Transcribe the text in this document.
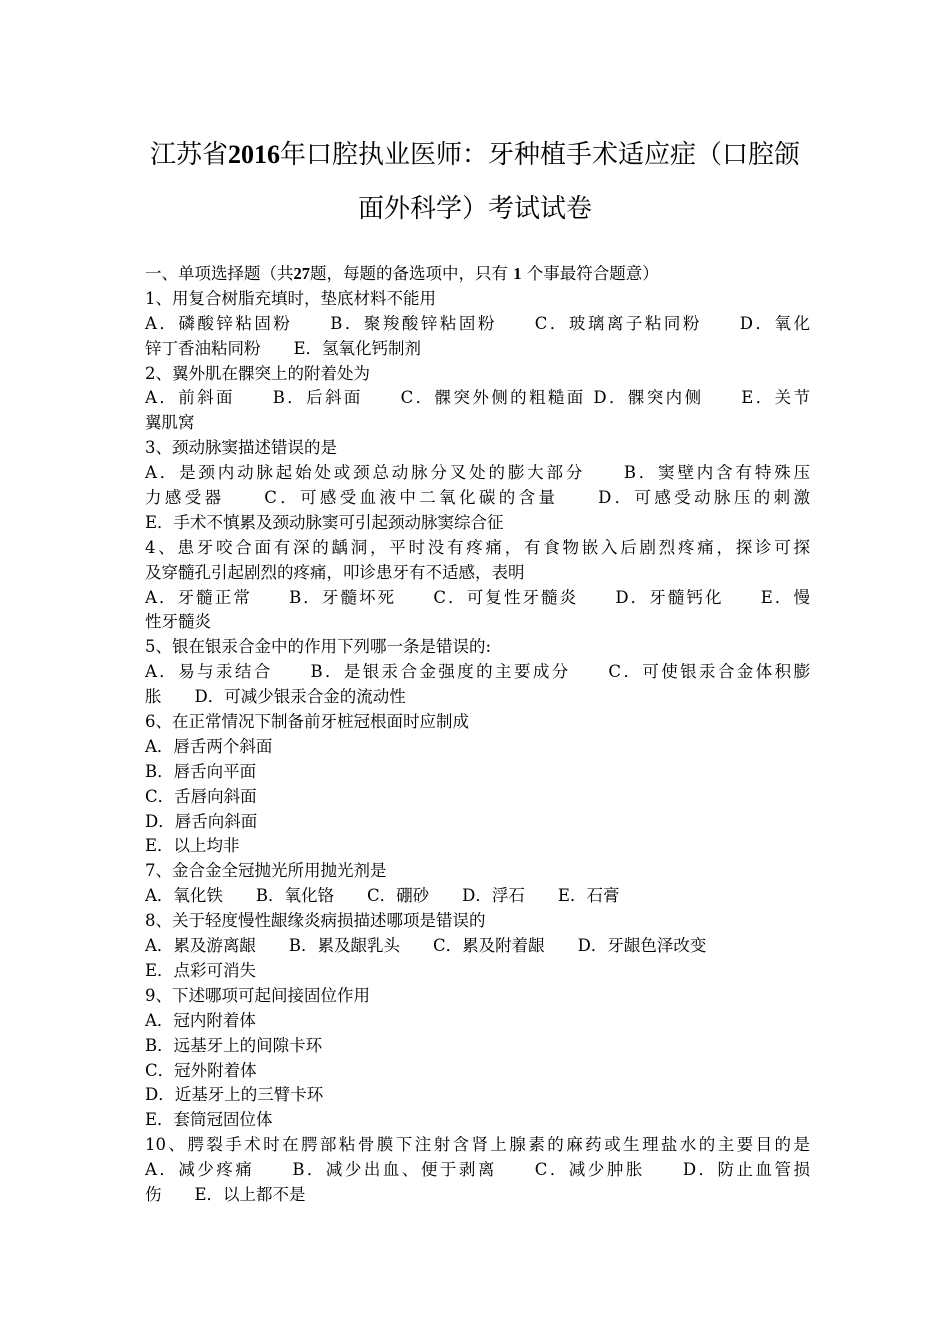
江苏省2016年口腔执业医师：牙种植手术适应症（口腔颌
面外科学）考试试卷
一、单项选择题（共27题，每题的备选项中，只有 1 个事最符合题意）
1、用复合树脂充填时，垫底材料不能用
A．磷酸锌粘固粉　　B．聚羧酸锌粘固粉　　C．玻璃离子粘同粉　　D．氧化
锌丁香油粘同粉　　E．氢氧化钙制剂
2、翼外肌在髁突上的附着处为
A．前斜面　　B．后斜面　　C．髁突外侧的粗糙面 D．髁突内侧　　E．关节
翼肌窝
3、颈动脉窦描述错误的是
A．是颈内动脉起始处或颈总动脉分叉处的膨大部分　　B．窦壁内含有特殊压
力感受器　　C．可感受血液中二氧化碳的含量　　D．可感受动脉压的刺激
E．手术不慎累及颈动脉窦可引起颈动脉窦综合征
4、患牙咬合面有深的龋洞，平时没有疼痛，有食物嵌入后剧烈疼痛，探诊可探
及穿髓孔引起剧烈的疼痛，叩诊患牙有不适感，表明
A．牙髓正常　　B．牙髓坏死　　C．可复性牙髓炎　　D．牙髓钙化　　E．慢
性牙髓炎
5、银在银汞合金中的作用下列哪一条是错误的:
A．易与汞结合　　B．是银汞合金强度的主要成分　　C．可使银汞合金体积膨
胀　　D．可减少银汞合金的流动性
6、在正常情况下制备前牙桩冠根面时应制成
A．唇舌两个斜面
B．唇舌向平面
C．舌唇向斜面
D．唇舌向斜面
E．以上均非
7、金合金全冠抛光所用抛光剂是
A．氧化铁　　B．氧化铬　　C．硼砂　　D．浮石　　E．石膏
8、关于轻度慢性龈缘炎病损描述哪项是错误的
A．累及游离龈　　B．累及龈乳头　　C．累及附着龈　　D．牙龈色泽改变
E．点彩可消失
9、下述哪项可起间接固位作用
A．冠内附着体
B．远基牙上的间隙卡环
C．冠外附着体
D．近基牙上的三臂卡环
E．套筒冠固位体
10、腭裂手术时在腭部粘骨膜下注射含肾上腺素的麻药或生理盐水的主要目的是
A．减少疼痛　　B．减少出血、便于剥离　　C．减少肿胀　　D．防止血管损
伤　　E．以上都不是
